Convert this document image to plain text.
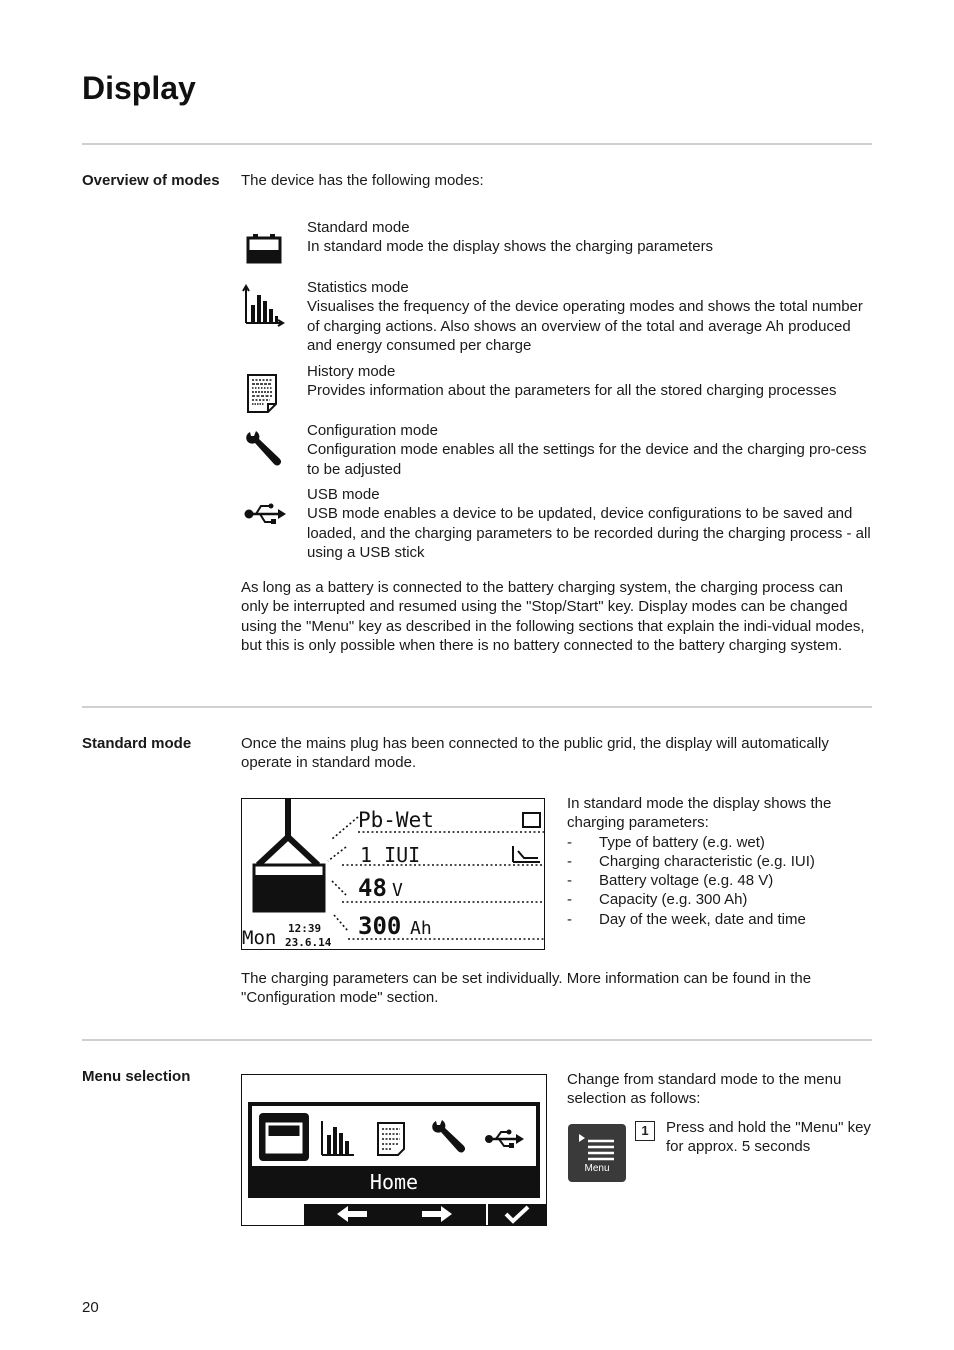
Display
Overview of modes	The device has the following modes:
Standard mode
In standard mode the display shows the charging parameters
Statistics mode
Visualises the frequency of the device operating modes and shows the total number of charging actions. Also shows an overview of the total and average Ah produced and energy consumed per charge
History mode
Provides information about the parameters for all the stored charging processes
Configuration mode
Configuration mode enables all the settings for the device and the charging pro-cess to be adjusted
USB mode
USB mode enables a device to be updated, device configurations to be saved and loaded, and the charging parameters to be recorded during the charging process - all using a USB stick
As long as a battery is connected to the battery charging system, the charging process can only be interrupted and resumed using the "Stop/Start" key. Display modes can be changed using the "Menu" key as described in the following sections that explain the indi-vidual modes, but this is only possible when there is no battery connected to the battery charging system.
Standard mode	Once the mains plug has been connected to the public grid, the display will automatically operate in standard mode.
Pb-Wet
1 IUI
48 V
300 Ah
Mon 12:39
23.6.14
In standard mode the display shows the charging parameters:
- Type of battery (e.g. wet)
- Charging characteristic (e.g. IUI)
- Battery voltage (e.g. 48 V)
- Capacity (e.g. 300 Ah)
- Day of the week, date and time
The charging parameters can be set individually. More information can be found in the "Configuration mode" section.
Menu selection
Home
Change from standard mode to the menu selection as follows:
Menu
1	Press and hold the "Menu" key for approx. 5 seconds
20
